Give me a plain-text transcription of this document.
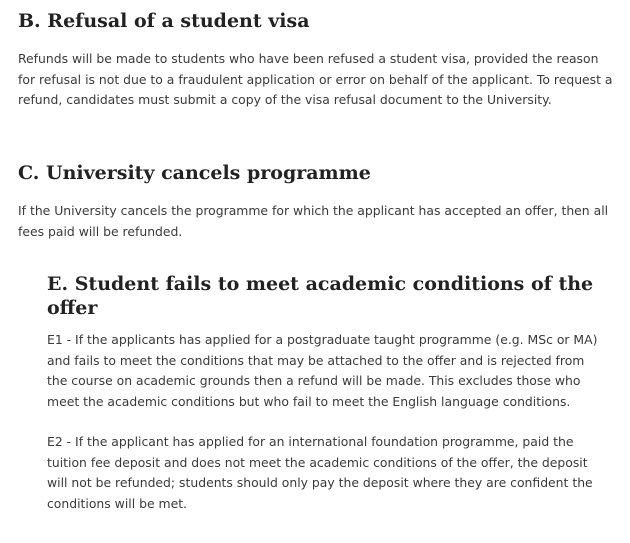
B. Refusal of a student visa

Refunds will be made to students who have been refused a student visa, provided the reason for refusal is not due to a fraudulent application or error on behalf of the applicant. To request a refund, candidates must submit a copy of the visa refusal document to the University.

C. University cancels programme

If the University cancels the programme for which the applicant has accepted an offer, then all fees paid will be refunded.

E. Student fails to meet academic conditions of the offer

E1 - If the applicants has applied for a postgraduate taught programme (e.g. MSc or MA) and fails to meet the conditions that may be attached to the offer and is rejected from the course on academic grounds then a refund will be made. This excludes those who meet the academic conditions but who fail to meet the English language conditions.

E2 - If the applicant has applied for an international foundation programme, paid the tuition fee deposit and does not meet the academic conditions of the offer, the deposit will not be refunded; students should only pay the deposit where they are confident the conditions will be met.
